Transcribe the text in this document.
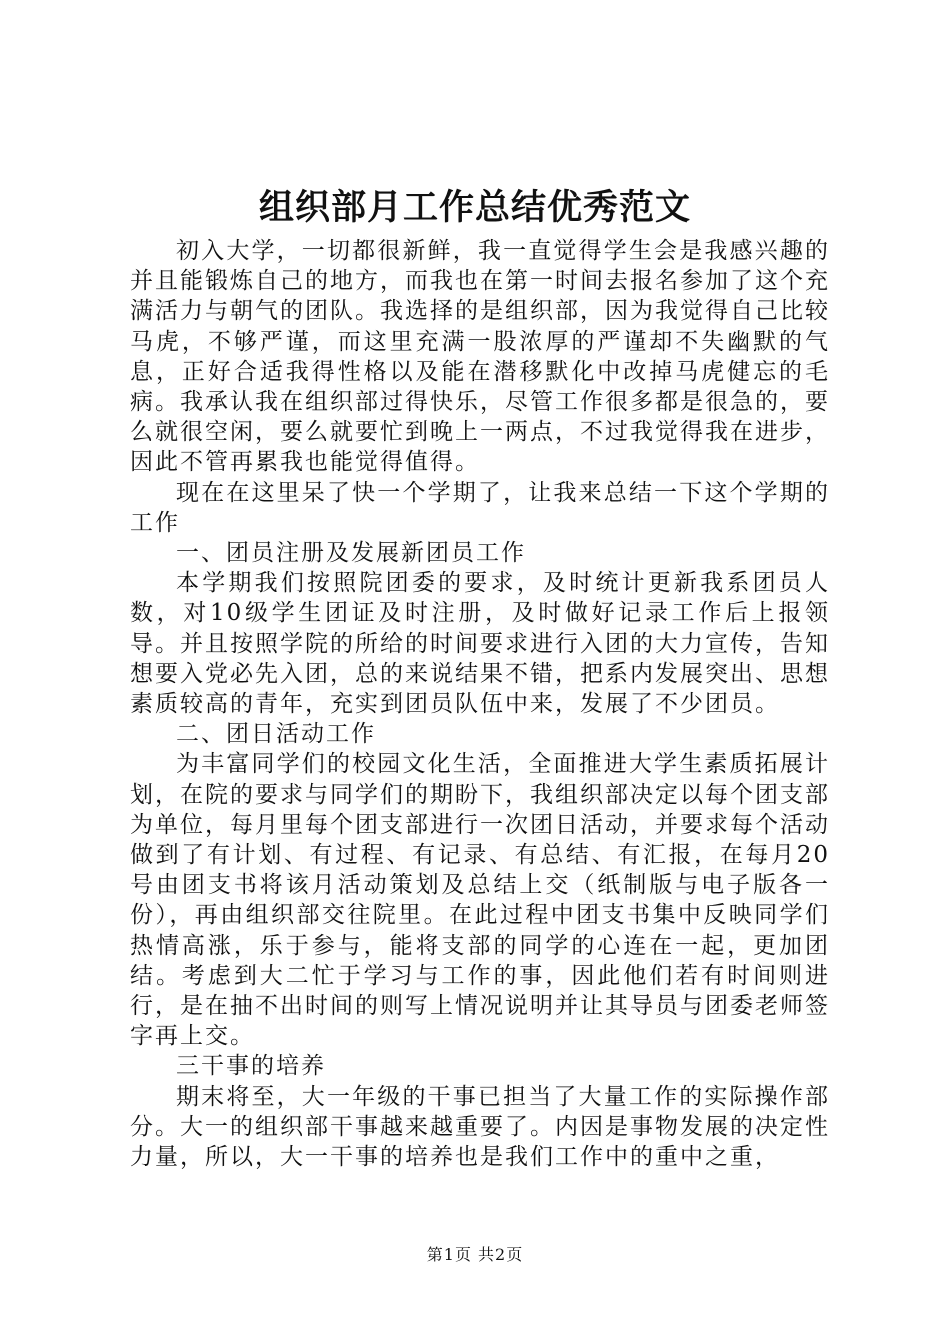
组织部月工作总结优秀范文

初入大学，一切都很新鲜，我一直觉得学生会是我感兴趣的并且能锻炼自己的地方，而我也在第一时间去报名参加了这个充满活力与朝气的团队。我选择的是组织部，因为我觉得自己比较马虎，不够严谨，而这里充满一股浓厚的严谨却不失幽默的气息，正好合适我得性格以及能在潜移默化中改掉马虎健忘的毛病。我承认我在组织部过得快乐，尽管工作很多都是很急的，要么就很空闲，要么就要忙到晚上一两点，不过我觉得我在进步，因此不管再累我也能觉得值得。

现在在这里呆了快一个学期了，让我来总结一下这个学期的工作

一、团员注册及发展新团员工作

本学期我们按照院团委的要求，及时统计更新我系团员人数，对10级学生团证及时注册，及时做好记录工作后上报领导。并且按照学院的所给的时间要求进行入团的大力宣传，告知想要入党必先入团，总的来说结果不错，把系内发展突出、思想素质较高的青年，充实到团员队伍中来，发展了不少团员。

二、团日活动工作

为丰富同学们的校园文化生活，全面推进大学生素质拓展计划，在院的要求与同学们的期盼下，我组织部决定以每个团支部为单位，每月里每个团支部进行一次团日活动，并要求每个活动做到了有计划、有过程、有记录、有总结、有汇报，在每月20号由团支书将该月活动策划及总结上交（纸制版与电子版各一份），再由组织部交往院里。在此过程中团支书集中反映同学们热情高涨，乐于参与，能将支部的同学的心连在一起，更加团结。考虑到大二忙于学习与工作的事，因此他们若有时间则进行，是在抽不出时间的则写上情况说明并让其导员与团委老师签字再上交。

三干事的培养

期末将至，大一年级的干事已担当了大量工作的实际操作部分。大一的组织部干事越来越重要了。内因是事物发展的决定性力量，所以，大一干事的培养也是我们工作中的重中之重，

第1页 共2页
